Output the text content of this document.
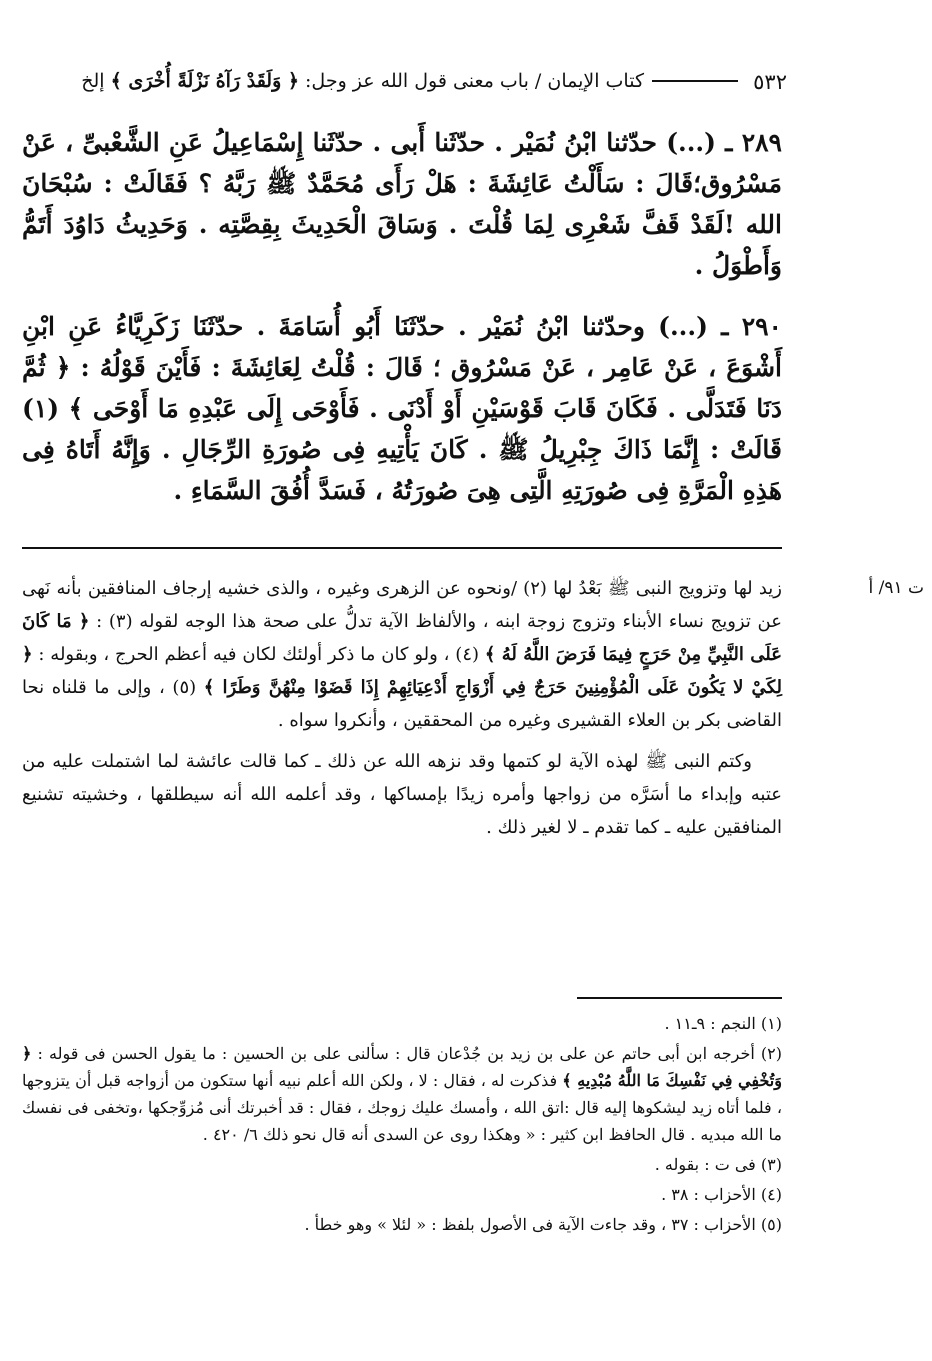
٥٣٢
كتاب الإيمان / باب معنى قول الله عز وجل:
﴿ وَلَقَدْ رَآهُ نَزْلَةً أُخْرَى ﴾
إلخ

٢٨٩ ـ (...) حدّثنا ابْنُ نُمَيْر . حدّثَنا أَبى . حدّثَنا إِسْمَاعِيلُ عَنِ الشَّعْبىِّ ، عَنْ مَسْرُوق؛قَالَ : سَأَلْتُ عَائِشَةَ : هَلْ رَأَى مُحَمَّدٌ ﷺ رَبَّهُ ؟ فَقَالَتْ : سُبْحَانَ الله !لَقَدْ قَفَّ شَعْرِى لِمَا قُلْتَ . وَسَاقَ الْحَدِيثَ بِقِصَّتِه . وَحَدِيثُ دَاوُدَ أَتَمُّ وَأَطْوَلُ .

٢٩٠ ـ (...) وحدّثنا ابْنُ نُمَيْر . حدّثَنَا أَبُو أُسَامَةَ . حدّثَنَا زَكَرِيَّاءُ عَنِ ابْنِ أَشْوَعَ ، عَنْ عَامِر ، عَنْ مَسْرُوق ؛ قَالَ : قُلْتُ لِعَائِشَةَ : فَأَيْنَ قَوْلُهُ : ﴿ ثُمَّ دَنَا فَتَدَلَّى . فَكَانَ قَابَ قَوْسَيْنِ أَوْ أَدْنَى . فَأَوْحَى إِلَى عَبْدِهِ مَا أَوْحَى ﴾ (١) قَالَتْ : إِنَّمَا ذَاكَ جِبْرِيلُ ﷺ . كَانَ يَأْتِيهِ فِى صُورَةِ الرِّجَالِ . وَإِنَّهُ أَتَاهُ فِى هَذِهِ الْمَرَّةِ فِى صُورَتِهِ الَّتِى هِىَ صُورَتُهُ ، فَسَدَّ أُفُقَ السَّمَاءِ .

ت ٩١/ أ

زيد لها وتزويج النبى ﷺ بَعْدُ لها (٢) /ونحوه عن الزهرى وغيره ، والذى خشيه إرجاف المنافقين بأنه نَهى عن تزويج نساء الأبناء وتزوج زوجة ابنه ، والألفاظ الآية تدلُّ على صحة هذا الوجه لقوله (٣) : ﴿ مَا كَانَ عَلَى النَّبِيِّ مِنْ حَرَجٍ فِيمَا فَرَضَ اللَّهُ لَهُ ﴾ (٤) ، ولو كان ما ذكر أولئك لكان فيه أعظم الحرج ، وبقوله : ﴿ لِكَيْ لا يَكُونَ عَلَى الْمُؤْمِنِينَ حَرَجٌ فِي أَزْوَاجِ أَدْعِيَائِهِمْ إِذَا قَضَوْا مِنْهُنَّ وَطَرًا ﴾ (٥) ، وإلى ما قلناه نحا القاضى بكر بن العلاء القشيرى وغيره من المحققين ، وأنكروا سواه .

وكتم النبى ﷺ لهذه الآية لو كتمها وقد نزهه الله عن ذلك ـ كما قالت عائشة لما اشتملت عليه من عتبه وإبداء ما أسَرَّه من زواجها وأمره زيدًا بإمساكها ، وقد أعلمه الله أنه سيطلقها ، وخشيته تشنيع المنافقين عليه ـ كما تقدم ـ لا لغير ذلك .

(١) النجم : ٩ـ١١ .

(٢) أخرجه ابن أبى حاتم عن على بن زيد بن جُدْعان قال : سألنى على بن الحسين : ما يقول الحسن فى قوله : ﴿ وَتُخْفِي فِي نَفْسِكَ مَا اللَّهُ مُبْدِيهِ ﴾ فذكرت له ، فقال : لا ، ولكن الله أعلم نبيه أنها ستكون من أزواجه قبل أن يتزوجها ، فلما أتاه زيد ليشكوها إليه قال :اتق الله ، وأمسك عليك زوجك ، فقال : قد أخبرتك أنى مُزوِّجكها ،وتخفى فى نفسك ما الله مبديه . قال الحافظ ابن كثير : « وهكذا روى عن السدى أنه قال نحو ذلك ٦/ ٤٢٠ .

(٣) فى ت : بقوله .

(٤) الأحزاب : ٣٨ .

(٥) الأحزاب : ٣٧ ، وقد جاءت الآية فى الأصول بلفظ : « لئلا » وهو خطأ .
